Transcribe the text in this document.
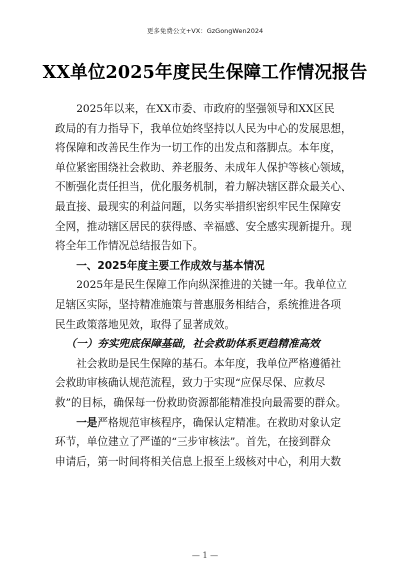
更多免费公文+VX：GzGongWen2024
XX单位2025年度民生保障工作情况报告

2025年以来，在XX市委、市政府的坚强领导和XX区民

政局的有力指导下，我单位始终坚持以人民为中心的发展思想，

将保障和改善民生作为一切工作的出发点和落脚点。本年度，

单位紧密围绕社会救助、养老服务、未成年人保护等核心领域，

不断强化责任担当，优化服务机制，着力解决辖区群众最关心、

最直接、最现实的利益问题，以务实举措织密织牢民生保障安

全网，推动辖区居民的获得感、幸福感、安全感实现新提升。现

将全年工作情况总结报告如下。

一、2025年度主要工作成效与基本情况

2025年是民生保障工作向纵深推进的关键一年。我单位立

足辖区实际，坚持精准施策与普惠服务相结合，系统推进各项

民生政策落地见效，取得了显著成效。

（一）夯实兜底保障基础，社会救助体系更趋精准高效

社会救助是民生保障的基石。本年度，我单位严格遵循社

会救助审核确认规范流程，致力于实现“应保尽保、应救尽

救”的目标，确保每一份救助资源都能精准投向最需要的群众。

一是严格规范审核程序，确保认定精准。在救助对象认定

环节，单位建立了严谨的“三步审核法”。首先，在接到群众

申请后，第一时间将相关信息上报至上级核对中心，利用大数

— 1 —
